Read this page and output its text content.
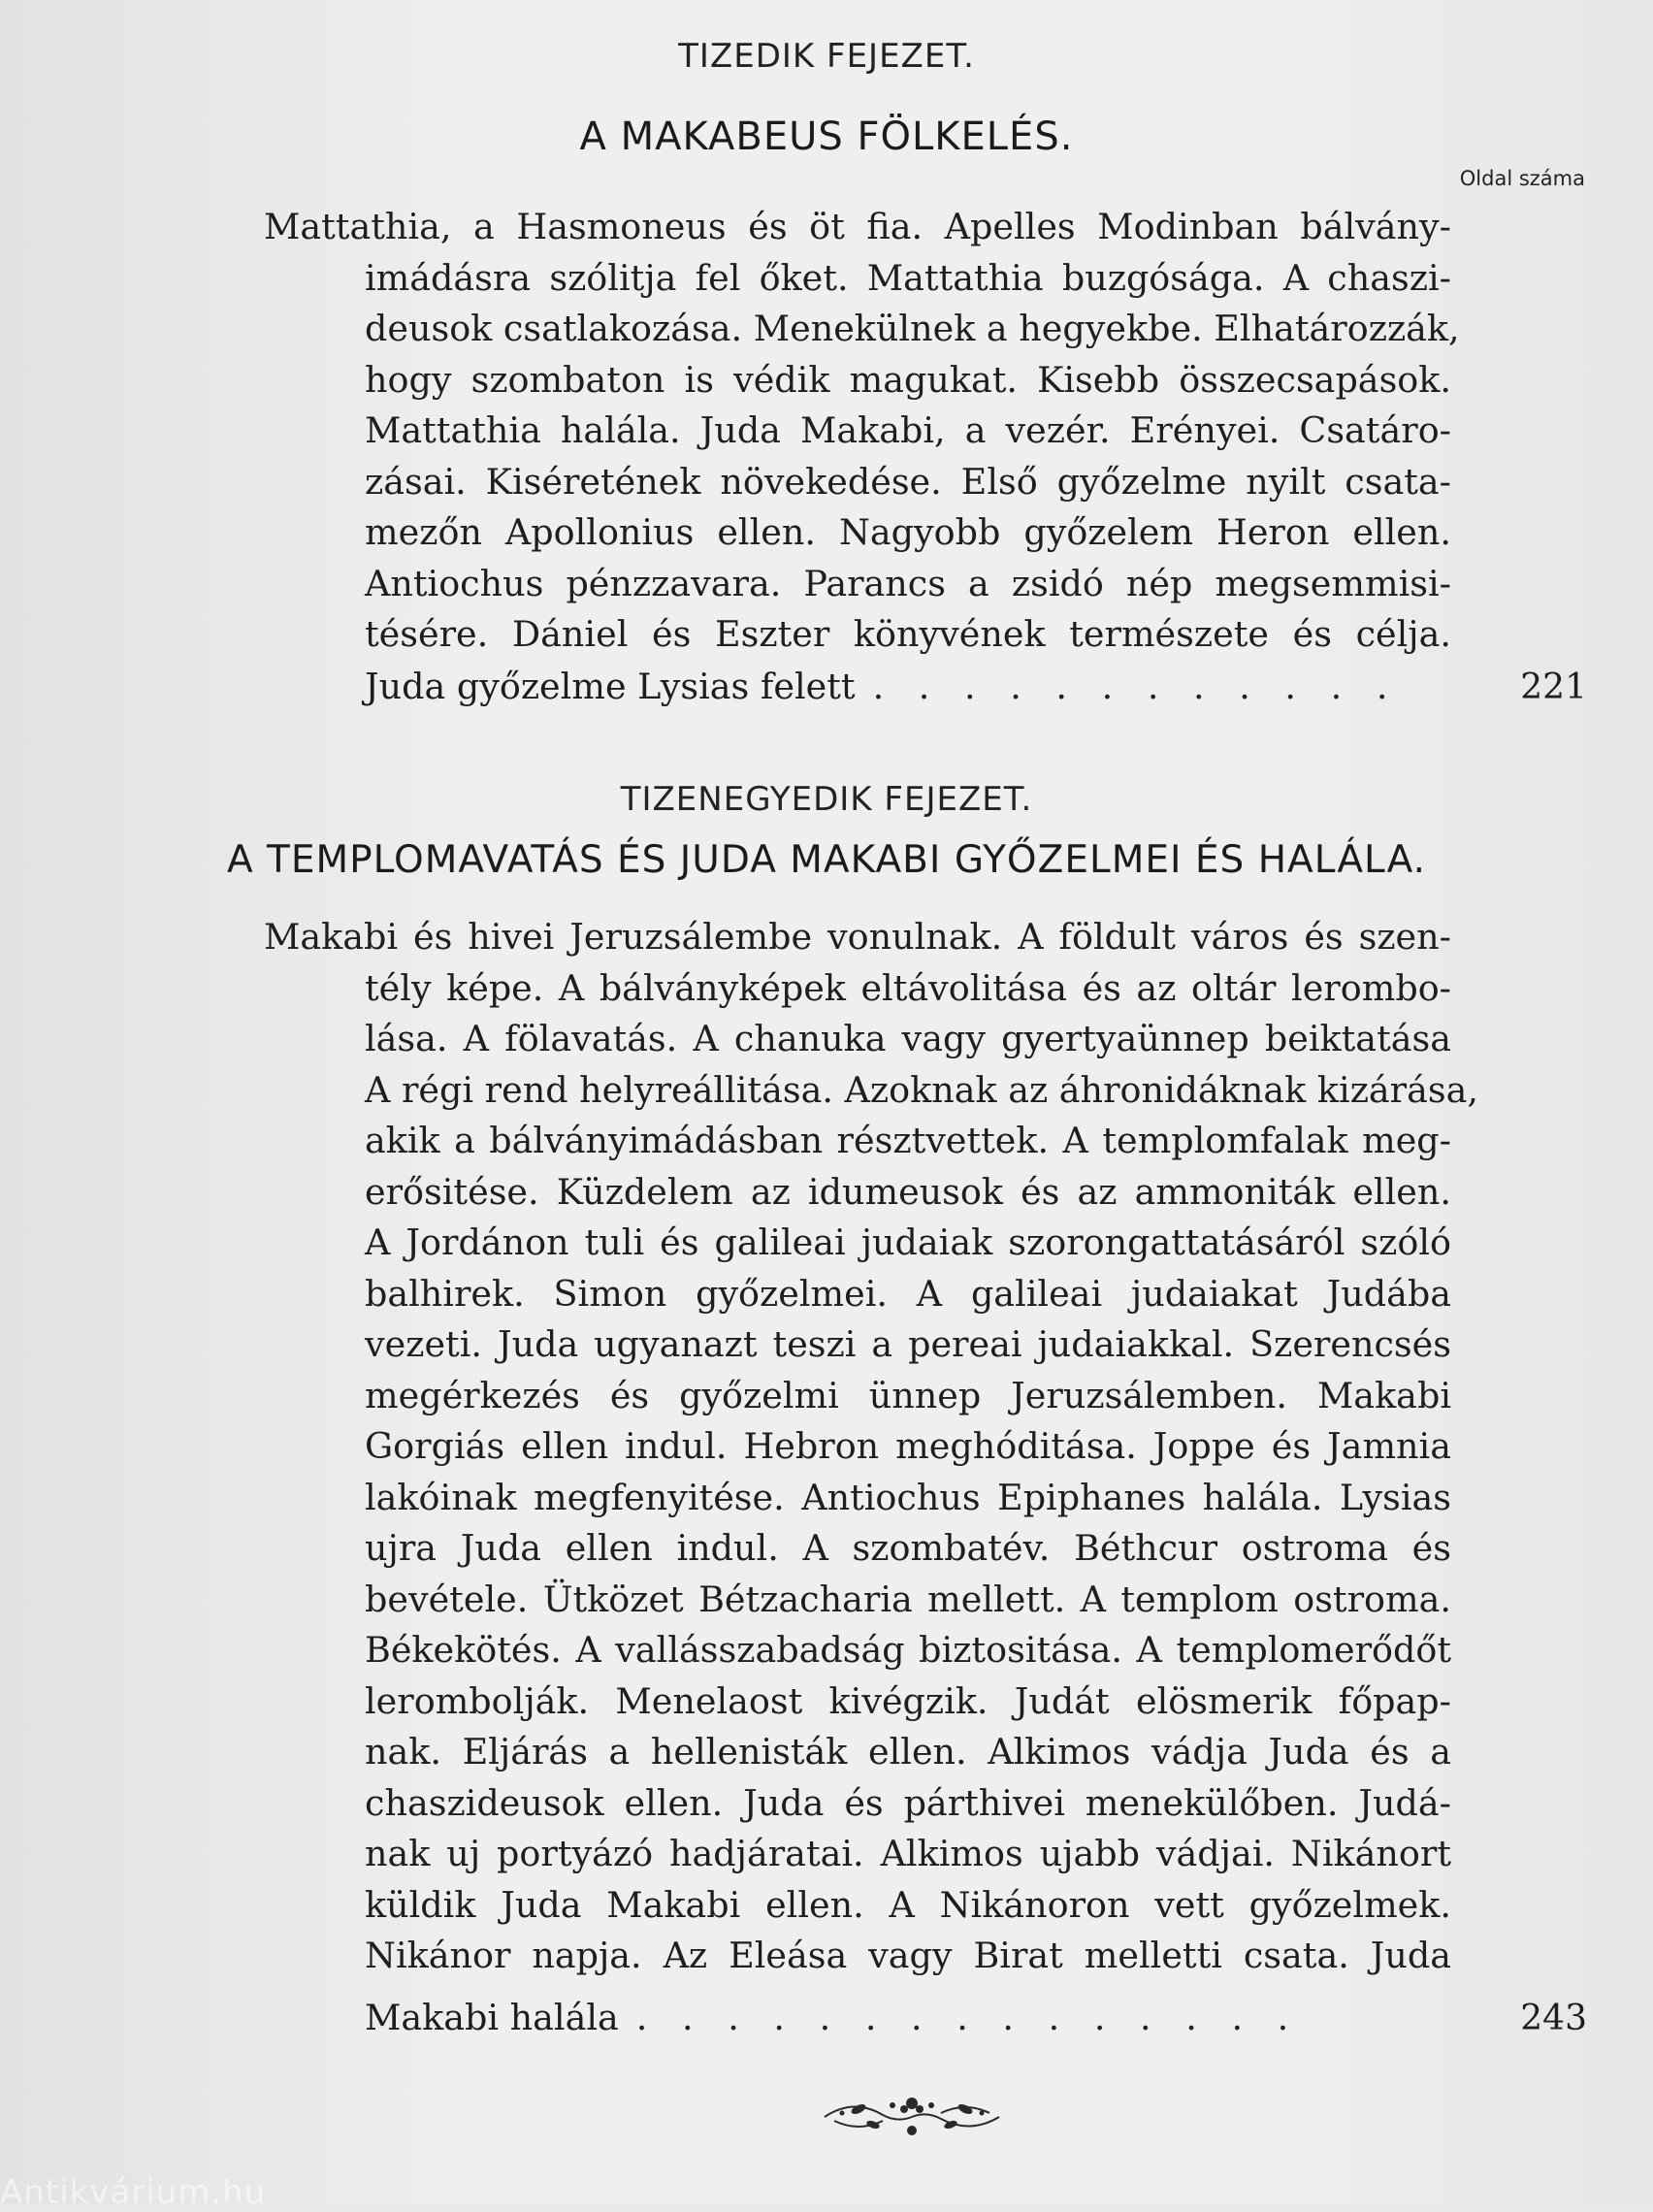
TIZEDIK FEJEZET.
A MAKABEUS FÖLKELÉS.
Oldal száma
Mattathia, a Hasmoneus és öt fia. Apelles Modinban bálvány-
imádásra szólitja fel őket. Mattathia buzgósága. A chaszi-
deusok csatlakozása. Menekülnek a hegyekbe. Elhatározzák,
hogy szombaton is védik magukat. Kisebb összecsapások.
Mattathia halála. Juda Makabi, a vezér. Erényei. Csatáro-
zásai. Kiséretének növekedése. Első győzelme nyilt csata-
mezőn Apollonius ellen. Nagyobb győzelem Heron ellen.
Antiochus pénzzavara. Parancs a zsidó nép megsemmisi-
tésére. Dániel és Eszter könyvének természete és célja.
Juda győzelme Lysias felett . . . . . . . . . . . .	221
TIZENEGYEDIK FEJEZET.
A TEMPLOMAVATÁS ÉS JUDA MAKABI GYŐZELMEI ÉS HALÁLA.
Makabi és hivei Jeruzsálembe vonulnak. A földult város és szen-
tély képe. A bálványképek eltávolitása és az oltár lerombo-
lása. A fölavatás. A chanuka vagy gyertyaünnep beiktatása
A régi rend helyreállitása. Azoknak az áhronidáknak kizárása,
akik a bálványimádásban résztvettek. A templomfalak meg-
erősitése. Küzdelem az idumeusok és az ammoniták ellen.
A Jordánon tuli és galileai judaiak szorongattatásáról szóló
balhirek. Simon győzelmei. A galileai judaiakat Judába
vezeti. Juda ugyanazt teszi a pereai judaiakkal. Szerencsés
megérkezés és győzelmi ünnep Jeruzsálemben. Makabi
Gorgiás ellen indul. Hebron meghóditása. Joppe és Jamnia
lakóinak megfenyitése. Antiochus Epiphanes halála. Lysias
ujra Juda ellen indul. A szombatév. Béthcur ostroma és
bevétele. Ütközet Bétzacharia mellett. A templom ostroma.
Békekötés. A vallásszabadság biztositása. A templomerődőt
lerombolják. Menelaost kivégzik. Judát elösmerik főpap-
nak. Eljárás a hellenisták ellen. Alkimos vádja Juda és a
chaszideusok ellen. Juda és párthivei menekülőben. Judá-
nak uj portyázó hadjáratai. Alkimos ujabb vádjai. Nikánort
küldik Juda Makabi ellen. A Nikánoron vett győzelmek.
Nikánor napja. Az Eleása vagy Birat melletti csata. Juda
Makabi halála . . . . . . . . . . . . . . .	243
Antikvárium.hu
